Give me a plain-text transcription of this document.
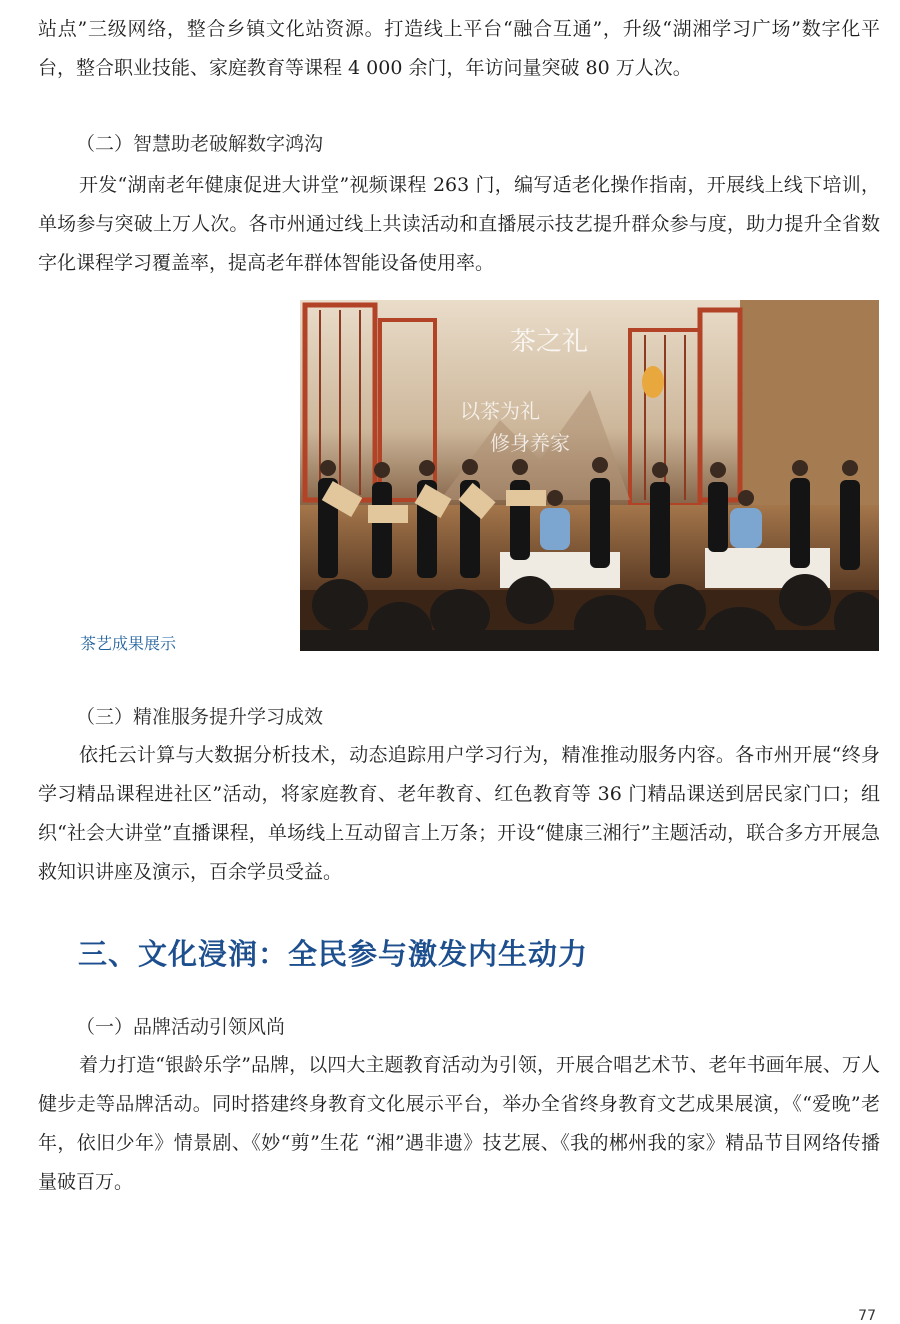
站点”三级网络，整合乡镇文化站资源。打造线上平台“融合互通”，升级“湖湘学习广场”数字化平台，整合职业技能、家庭教育等课程 4 000 余门，年访问量突破 80 万人次。

（二）智慧助老破解数字鸿沟

开发“湖南老年健康促进大讲堂”视频课程 263 门，编写适老化操作指南，开展线上线下培训，单场参与突破上万人次。各市州通过线上共读活动和直播展示技艺提升群众参与度，助力提升全省数字化课程学习覆盖率，提高老年群体智能设备使用率。

茶之礼
以茶为礼
修身养家
茶艺成果展示

（三）精准服务提升学习成效

依托云计算与大数据分析技术，动态追踪用户学习行为，精准推动服务内容。各市州开展“终身学习精品课程进社区”活动，将家庭教育、老年教育、红色教育等 36 门精品课送到居民家门口；组织“社会大讲堂”直播课程，单场线上互动留言上万条；开设“健康三湘行”主题活动，联合多方开展急救知识讲座及演示，百余学员受益。

三、文化浸润：全民参与激发内生动力

（一）品牌活动引领风尚

着力打造“银龄乐学”品牌，以四大主题教育活动为引领，开展合唱艺术节、老年书画年展、万人健步走等品牌活动。同时搭建终身教育文化展示平台，举办全省终身教育文艺成果展演，《“爱晚”老年，依旧少年》情景剧、《妙“剪”生花 “湘”遇非遗》技艺展、《我的郴州我的家》精品节目网络传播量破百万。

77
